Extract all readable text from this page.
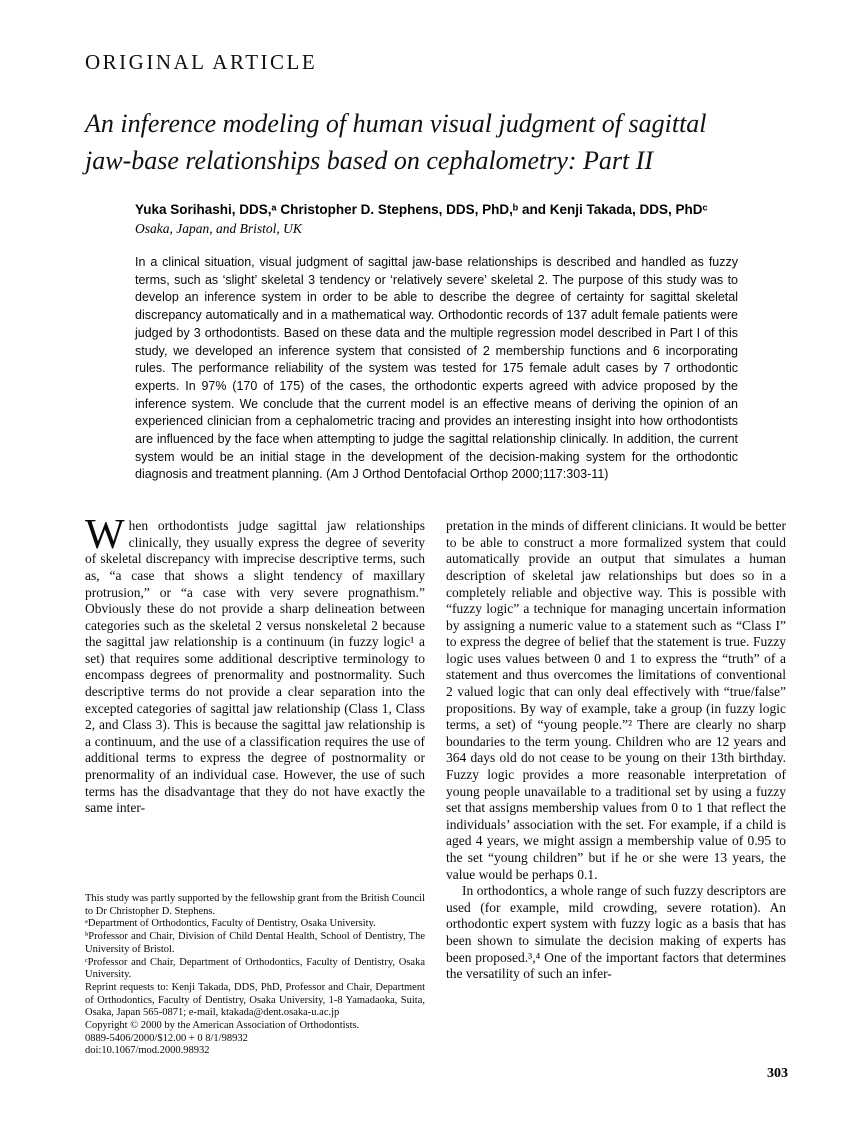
ORIGINAL ARTICLE
An inference modeling of human visual judgment of sagittal
jaw-base relationships based on cephalometry: Part II

Yuka Sorihashi, DDS,ᵃ Christopher D. Stephens, DDS, PhD,ᵇ and Kenji Takada, DDS, PhDᶜ

Osaka, Japan, and Bristol, UK

In a clinical situation, visual judgment of sagittal jaw-base relationships is described and handled as fuzzy terms, such as ‘slight’ skeletal 3 tendency or ‘relatively severe’ skeletal 2. The purpose of this study was to develop an inference system in order to be able to describe the degree of certainty for sagittal skeletal discrepancy automatically and in a mathematical way. Orthodontic records of 137 adult female patients were judged by 3 orthodontists. Based on these data and the multiple regression model described in Part I of this study, we developed an inference system that consisted of 2 membership functions and 6 incorporating rules. The performance reliability of the system was tested for 175 female adult cases by 7 orthodontic experts. In 97% (170 of 175) of the cases, the orthodontic experts agreed with advice proposed by the inference system. We conclude that the current model is an effective means of deriving the opinion of an experienced clinician from a cephalometric tracing and provides an interesting insight into how orthodontists are influenced by the face when attempting to judge the sagittal relationship clinically. In addition, the current system would be an initial stage in the development of the decision-making system for the orthodontic diagnosis and treatment planning. (Am J Orthod Dentofacial Orthop 2000;117:303-11)

When orthodontists judge sagittal jaw relationships clinically, they usually express the degree of severity of skeletal discrepancy with imprecise descriptive terms, such as, “a case that shows a slight tendency of maxillary protrusion,” or “a case with very severe prognathism.” Obviously these do not provide a sharp delineation between categories such as the skeletal 2 versus nonskeletal 2 because the sagittal jaw relationship is a continuum (in fuzzy logic¹ a set) that requires some additional descriptive terminology to encompass degrees of prenormality and postnormality. Such descriptive terms do not provide a clear separation into the excepted categories of sagittal jaw relationship (Class 1, Class 2, and Class 3). This is because the sagittal jaw relationship is a continuum, and the use of a classification requires the use of additional terms to express the degree of postnormality or prenormality of an individual case. However, the use of such terms has the disadvantage that they do not have exactly the same inter-

This study was partly supported by the fellowship grant from the British Council to Dr Christopher D. Stephens.

ᵃDepartment of Orthodontics, Faculty of Dentistry, Osaka University.

ᵇProfessor and Chair, Division of Child Dental Health, School of Dentistry, The University of Bristol.

ᶜProfessor and Chair, Department of Orthodontics, Faculty of Dentistry, Osaka University.

Reprint requests to: Kenji Takada, DDS, PhD, Professor and Chair, Department of Orthodontics, Faculty of Dentistry, Osaka University, 1-8 Yamadaoka, Suita, Osaka, Japan 565-0871; e-mail, ktakada@dent.osaka-u.ac.jp

Copyright © 2000 by the American Association of Orthodontists.

0889-5406/2000/$12.00 + 0 8/1/98932

doi:10.1067/mod.2000.98932

pretation in the minds of different clinicians. It would be better to be able to construct a more formalized system that could automatically provide an output that simulates a human description of skeletal jaw relationships but does so in a completely reliable and objective way. This is possible with “fuzzy logic” a technique for managing uncertain information by assigning a numeric value to a statement such as “Class I” to express the degree of belief that the statement is true. Fuzzy logic uses values between 0 and 1 to express the “truth” of a statement and thus overcomes the limitations of conventional 2 valued logic that can only deal effectively with “true/false” propositions. By way of example, take a group (in fuzzy logic terms, a set) of “young people.”² There are clearly no sharp boundaries to the term young. Children who are 12 years and 364 days old do not cease to be young on their 13th birthday. Fuzzy logic provides a more reasonable interpretation of young people unavailable to a traditional set by using a fuzzy set that assigns membership values from 0 to 1 that reflect the individuals’ association with the set. For example, if a child is aged 4 years, we might assign a membership value of 0.95 to the set “young children” but if he or she were 13 years, the value would be perhaps 0.1.

In orthodontics, a whole range of such fuzzy descriptors are used (for example, mild crowding, severe rotation). An orthodontic expert system with fuzzy logic as a basis that has been shown to simulate the decision making of experts has been proposed.³,⁴ One of the important factors that determines the versatility of such an infer-

303
